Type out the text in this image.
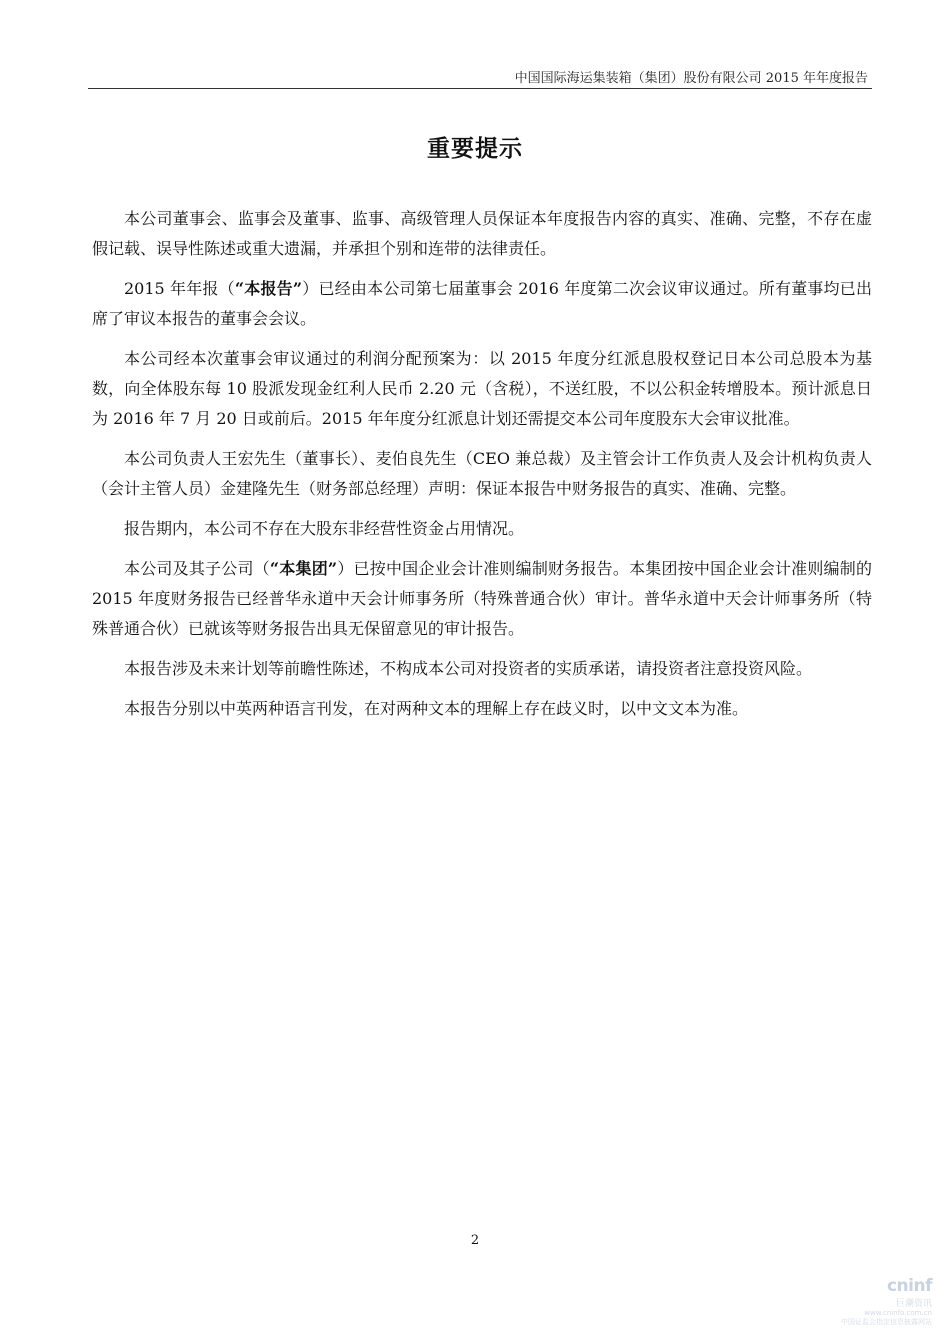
中国国际海运集装箱（集团）股份有限公司 2015 年年度报告
重要提示

本公司董事会、监事会及董事、监事、高级管理人员保证本年度报告内容的真实、准确、完整，不存在虚假记载、误导性陈述或重大遗漏，并承担个别和连带的法律责任。

2015 年年报（“本报告”）已经由本公司第七届董事会 2016 年度第二次会议审议通过。所有董事均已出席了审议本报告的董事会会议。

本公司经本次董事会审议通过的利润分配预案为：以 2015 年度分红派息股权登记日本公司总股本为基数，向全体股东每 10 股派发现金红利人民币 2.20 元（含税），不送红股，不以公积金转增股本。预计派息日为 2016 年 7 月 20 日或前后。2015 年年度分红派息计划还需提交本公司年度股东大会审议批准。

本公司负责人王宏先生（董事长）、麦伯良先生（CEO 兼总裁）及主管会计工作负责人及会计机构负责人（会计主管人员）金建隆先生（财务部总经理）声明：保证本报告中财务报告的真实、准确、完整。

报告期内，本公司不存在大股东非经营性资金占用情况。

本公司及其子公司（“本集团”）已按中国企业会计准则编制财务报告。本集团按中国企业会计准则编制的 2015 年度财务报告已经普华永道中天会计师事务所（特殊普通合伙）审计。普华永道中天会计师事务所（特殊普通合伙）已就该等财务报告出具无保留意见的审计报告。

本报告涉及未来计划等前瞻性陈述，不构成本公司对投资者的实质承诺，请投资者注意投资风险。

本报告分别以中英两种语言刊发，在对两种文本的理解上存在歧义时，以中文文本为准。

2
cninf
巨潮资讯
www.cninfo.com.cn
中国证监会指定信息披露网站
